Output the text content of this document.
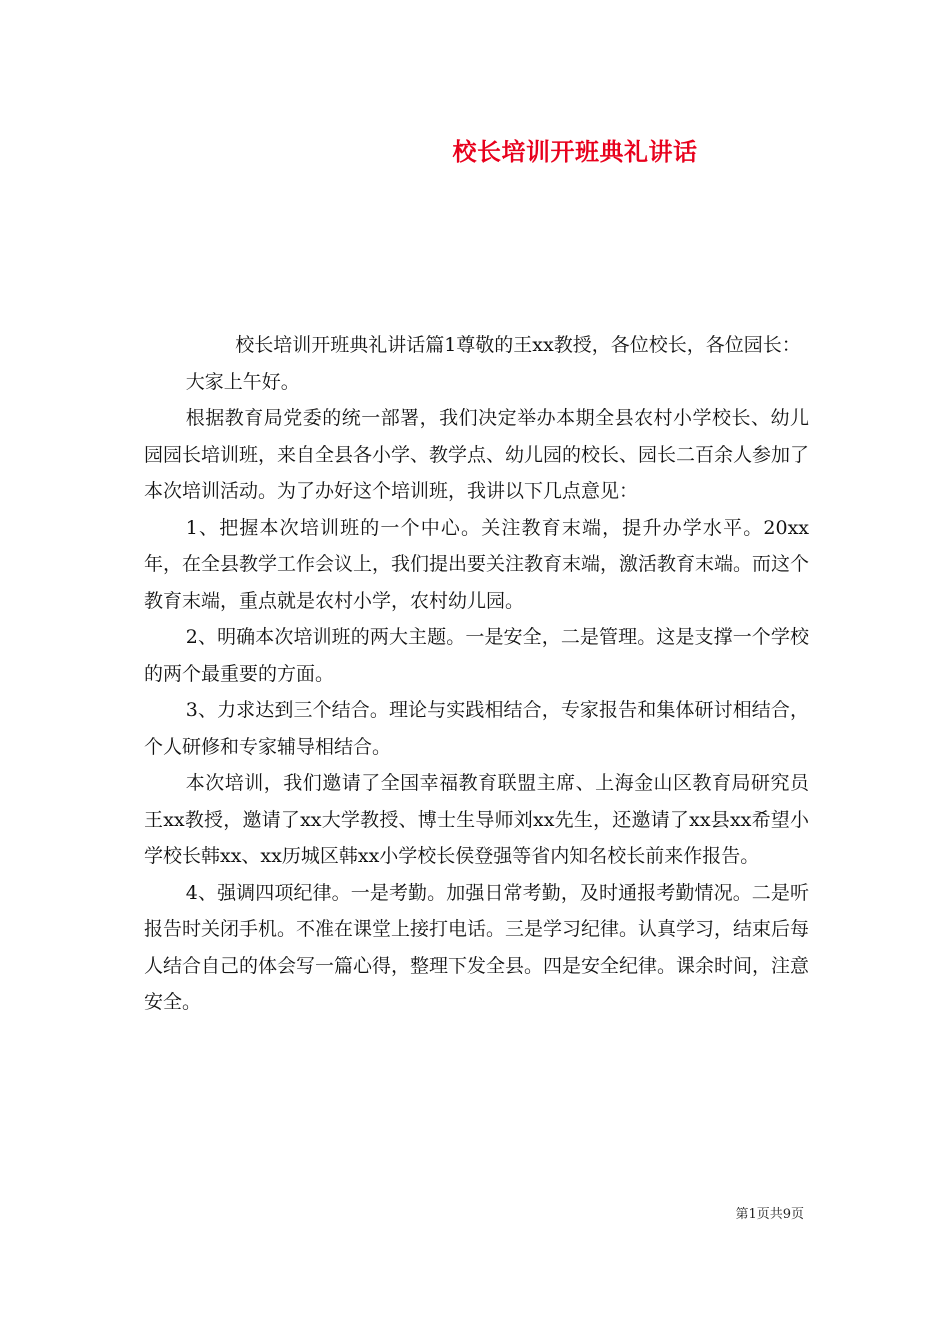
校长培训开班典礼讲话

校长培训开班典礼讲话篇1尊敬的王xx教授，各位校长，各位园长：

大家上午好。

根据教育局党委的统一部署，我们决定举办本期全县农村小学校长、幼儿园园长培训班，来自全县各小学、教学点、幼儿园的校长、园长二百余人参加了本次培训活动。为了办好这个培训班，我讲以下几点意见：

1、把握本次培训班的一个中心。关注教育末端，提升办学水平。20xx年，在全县教学工作会议上，我们提出要关注教育末端，激活教育末端。而这个教育末端，重点就是农村小学，农村幼儿园。

2、明确本次培训班的两大主题。一是安全，二是管理。这是支撑一个学校的两个最重要的方面。

3、力求达到三个结合。理论与实践相结合，专家报告和集体研讨相结合，个人研修和专家辅导相结合。

本次培训，我们邀请了全国幸福教育联盟主席、上海金山区教育局研究员王xx教授，邀请了xx大学教授、博士生导师刘xx先生，还邀请了xx县xx希望小学校长韩xx、xx历城区韩xx小学校长侯登强等省内知名校长前来作报告。

4、强调四项纪律。一是考勤。加强日常考勤，及时通报考勤情况。二是听报告时关闭手机。不准在课堂上接打电话。三是学习纪律。认真学习，结束后每人结合自己的体会写一篇心得，整理下发全县。四是安全纪律。课余时间，注意安全。

第1页共9页
